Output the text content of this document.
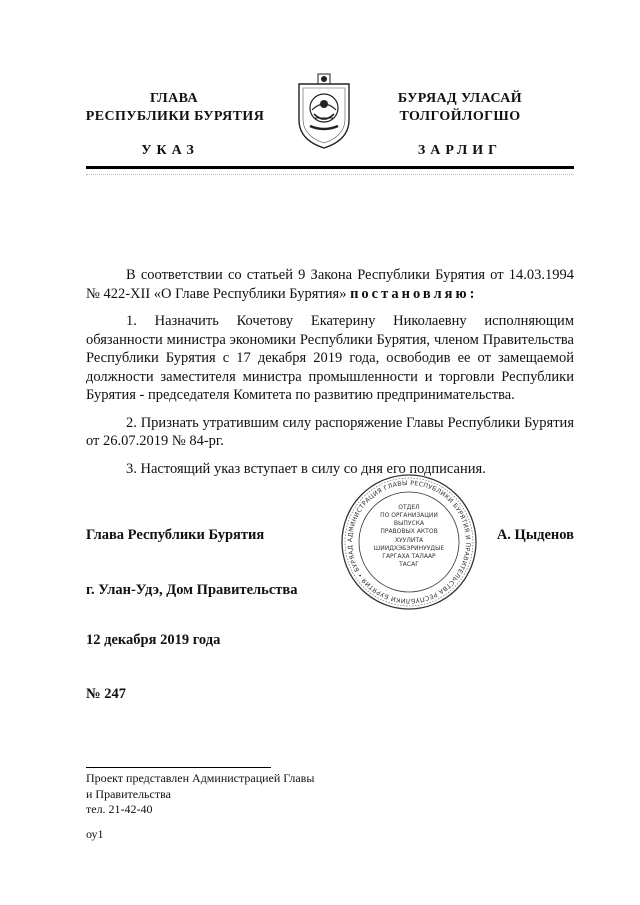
ГЛАВА
РЕСПУБЛИКИ БУРЯТИЯ
БУРЯАД УЛАСАЙ
ТОЛГОЙЛОГШО
УКАЗ	ЗАРЛИГ

В соответствии со статьей 9 Закона Республики Бурятия от 14.03.1994 № 422-XII «О Главе Республики Бурятия» постановляю:

1. Назначить Кочетову Екатерину Николаевну исполняющим обязанности министра экономики Республики Бурятия, членом Правительства Республики Бурятия с 17 декабря 2019 года, освободив ее от замещаемой должности заместителя министра промышленности и торговли Республики Бурятия - председателя Комитета по развитию предпринимательства.

2. Признать утратившим силу распоряжение Главы Республики Бурятия от 26.07.2019 № 84-рг.

3. Настоящий указ вступает в силу со дня его подписания.

Глава Республики Бурятия	А. Цыденов
АДМИНИСТРАЦИЯ ГЛАВЫ РЕСПУБЛИКИ БУРЯТИЯ И ПРАВИТЕЛЬСТВА РЕСПУБЛИКИ БУРЯТИЯ • БУРЯАД
ОТДЕЛ
ПО ОРГАНИЗАЦИИ
ВЫПУСКА
ПРАВОВЫХ АКТОВ
ХУУЛИТА
ШИИДХЭБЭРИНУУДЫЕ
ГАРГАХА ТАЛААР
ТАСАГ
г. Улан-Удэ, Дом Правительства
12 декабря 2019 года
№ 247
Проект представлен Администрацией Главы
и Правительства
тел. 21-42-40
оу1
